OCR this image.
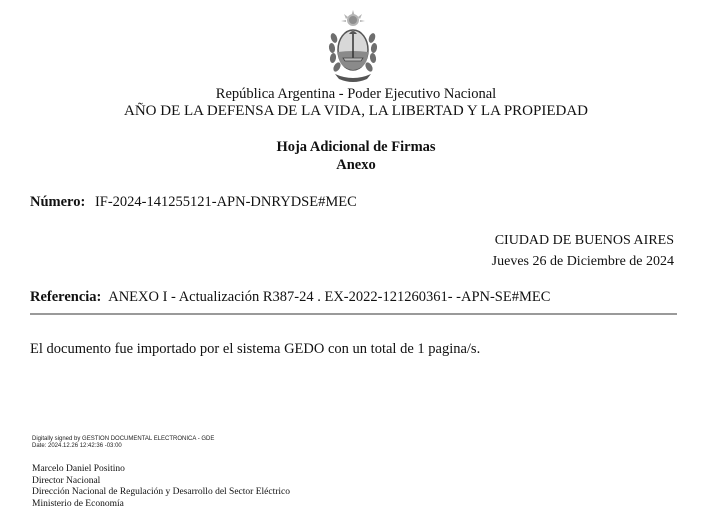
República Argentina - Poder Ejecutivo Nacional
AÑO DE LA DEFENSA DE LA VIDA, LA LIBERTAD Y LA PROPIEDAD
Hoja Adicional de Firmas
Anexo
Número: IF-2024-141255121-APN-DNRYDSE#MEC
CIUDAD DE BUENOS AIRES
Jueves 26 de Diciembre de 2024
Referencia: ANEXO I - Actualización R387-24 . EX-2022-121260361- -APN-SE#MEC
El documento fue importado por el sistema GEDO con un total de 1 pagina/s.
Digitally signed by GESTION DOCUMENTAL ELECTRONICA - GDE
Date: 2024.12.26 12:42:36 -03:00
Marcelo Daniel Positino
Director Nacional
Dirección Nacional de Regulación y Desarrollo del Sector Eléctrico
Ministerio de Economía
